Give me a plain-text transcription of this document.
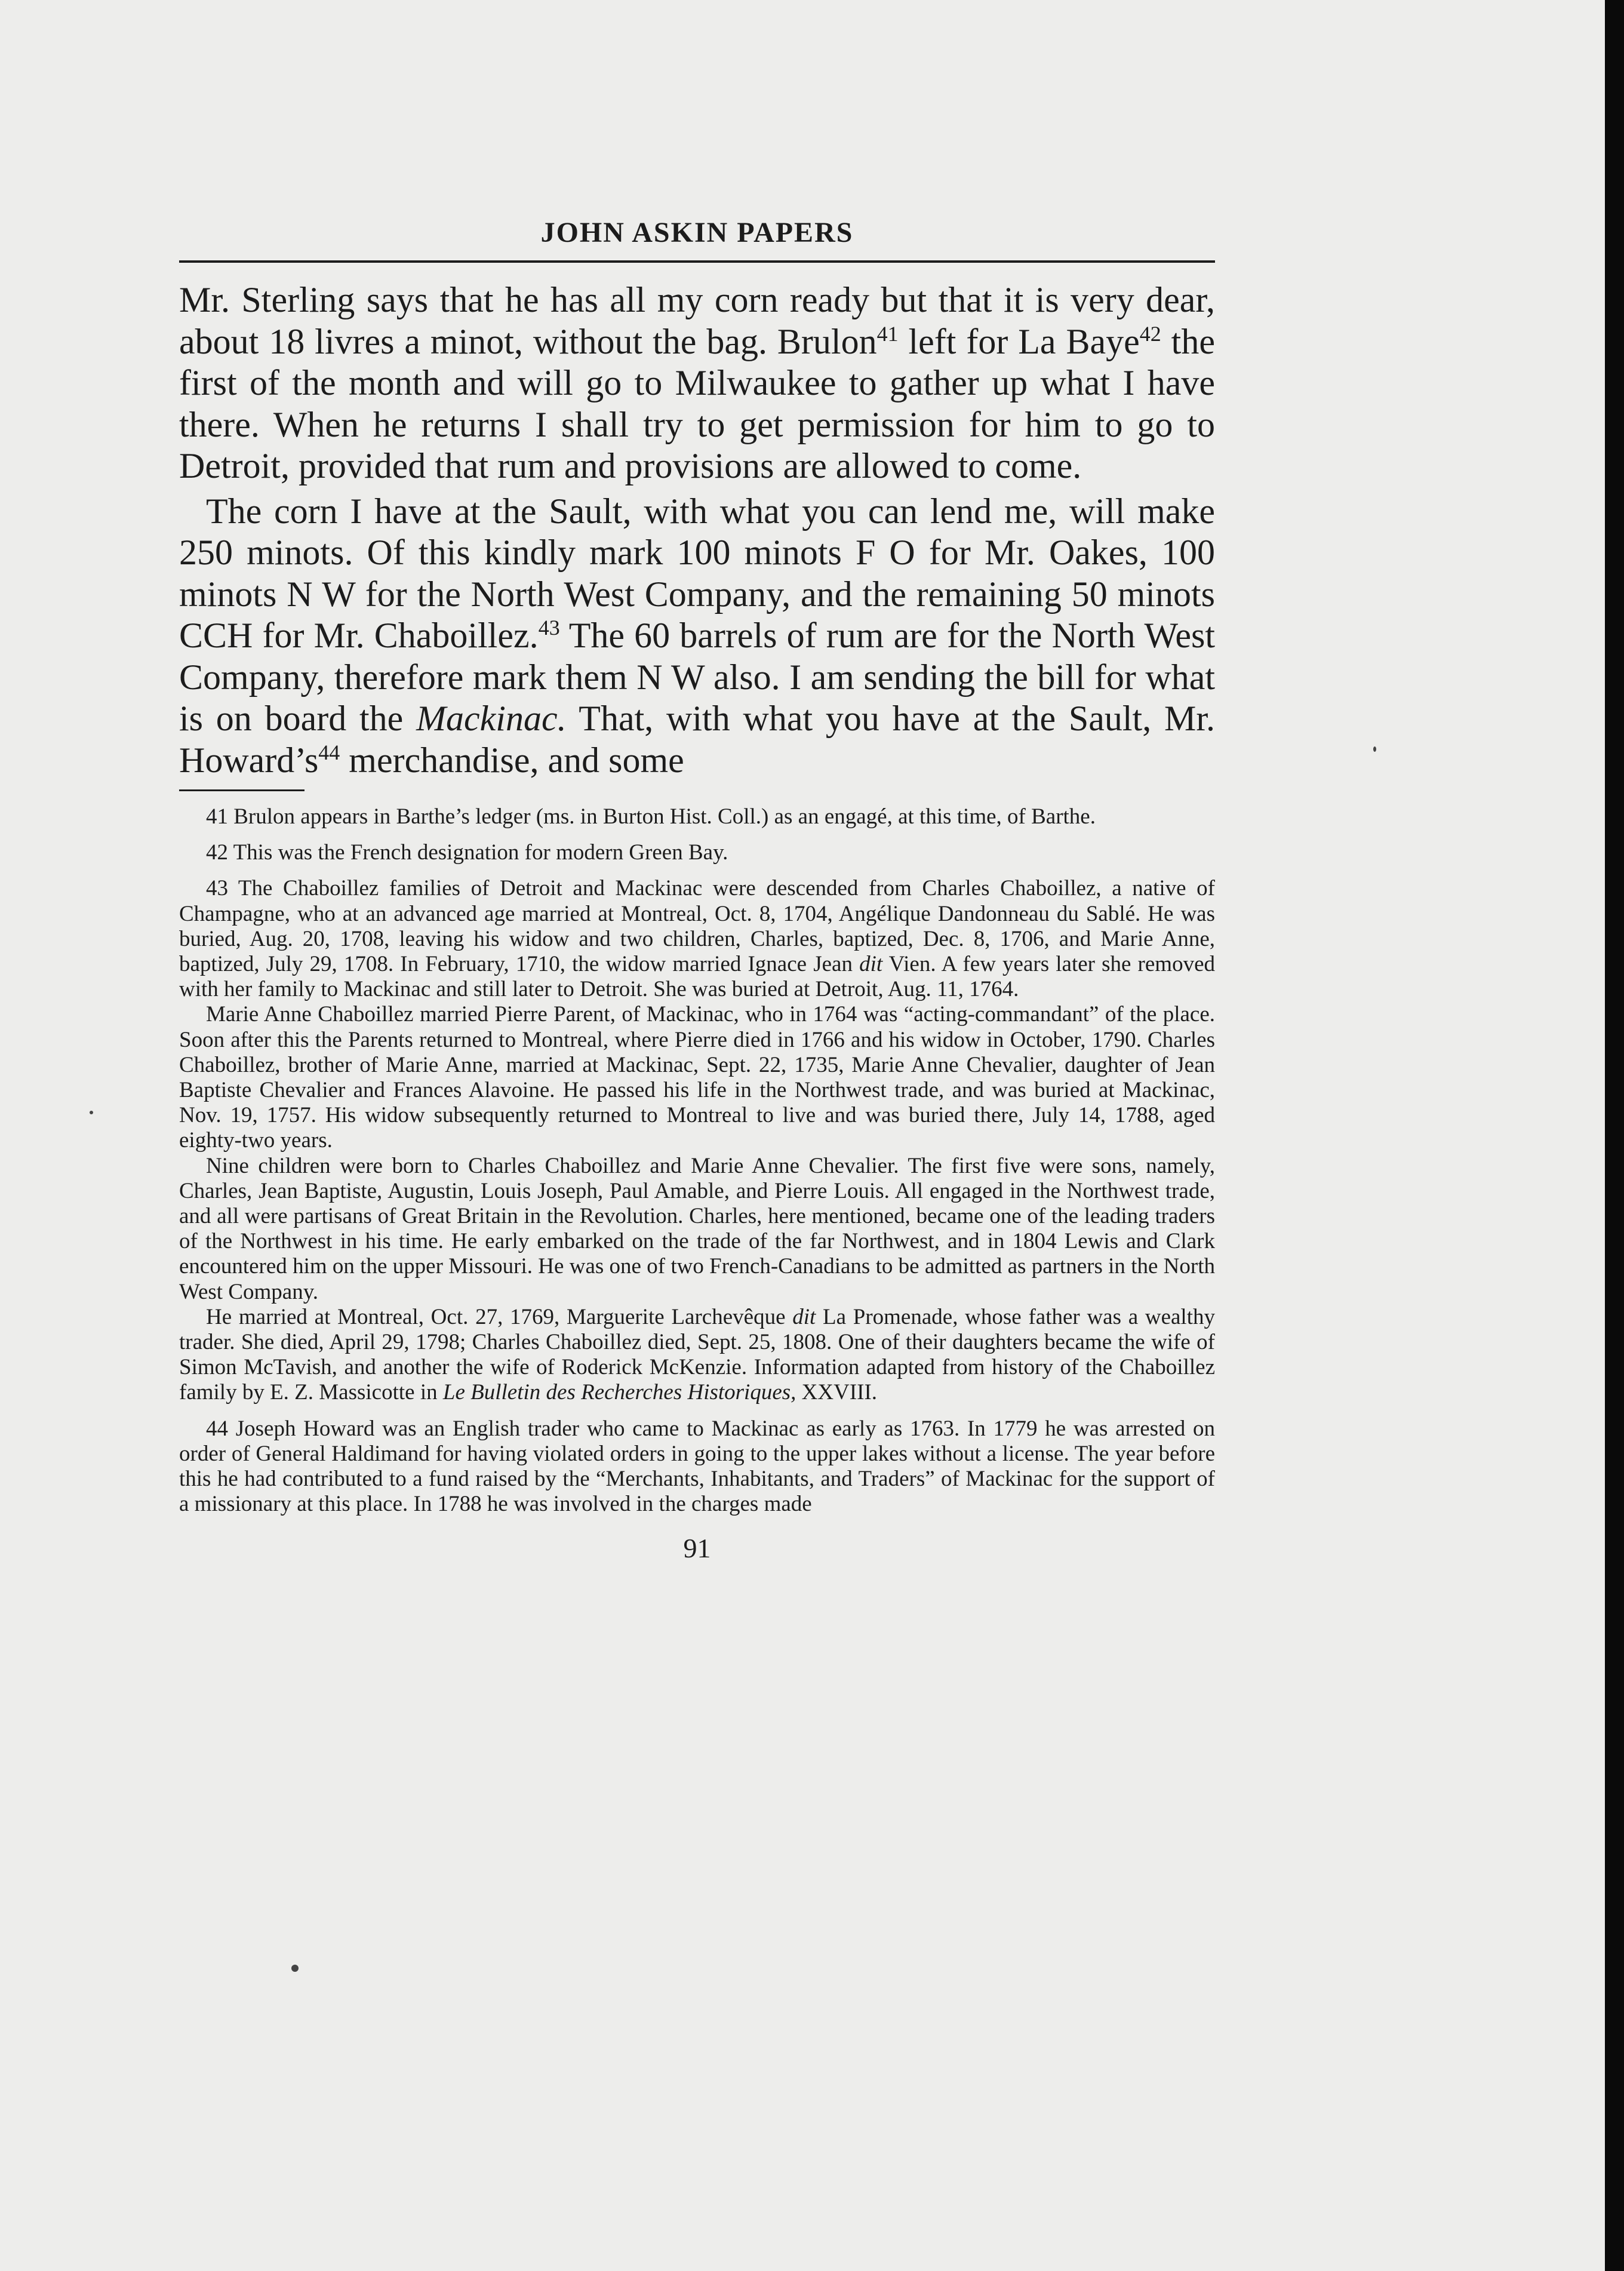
JOHN ASKIN PAPERS

Mr. Sterling says that he has all my corn ready but that it is very dear, about 18 livres a minot, without the bag. Brulon$^{41}$ left for La Baye$^{42}$ the first of the month and will go to Milwaukee to gather up what I have there. When he returns I shall try to get permission for him to go to Detroit, provided that rum and provisions are allowed to come.

The corn I have at the Sault, with what you can lend me, will make 250 minots. Of this kindly mark 100 minots F O for Mr. Oakes, 100 minots N W for the North West Company, and the remaining 50 minots CCH for Mr. Chaboillez.$^{43}$ The 60 barrels of rum are for the North West Company, therefore mark them N W also. I am sending the bill for what is on board the Mackinac. That, with what you have at the Sault, Mr. $Howard’s^{44}$ merchandise, and some

41 Brulon appears in Barthe’s ledger (ms. in Burton Hist. Coll.) as an engagé, at this time, of Barthe.

42 This was the French designation for modern Green Bay.

43 The Chaboillez families of Detroit and Mackinac were descended from Charles Chaboillez, a native of Champagne, who at an advanced age married at Montreal, Oct. 8, 1704, Angélique Dandonneau du Sablé. He was buried, Aug. 20, 1708, leaving his widow and two children, Charles, baptized, Dec. 8, 1706, and Marie Anne, baptized, July 29, 1708. In February, 1710, the widow married Ignace Jean dit Vien. A few years later she removed with her family to Mackinac and still later to Detroit. She was buried at Detroit, Aug. 11, 1764.

Marie Anne Chaboillez married Pierre Parent, of Mackinac, who in 1764 was “acting-commandant” of the place. Soon after this the Parents returned to Montreal, where Pierre died in 1766 and his widow in October, 1790. Charles Chaboillez, brother of Marie Anne, married at Mackinac, Sept. 22, 1735, Marie Anne Chevalier, daughter of Jean Baptiste Chevalier and Frances Alavoine. He passed his life in the Northwest trade, and was buried at Mackinac, Nov. 19, 1757. His widow subsequently returned to Montreal to live and was buried there, July 14, 1788, aged eighty-two years.

Nine children were born to Charles Chaboillez and Marie Anne Chevalier. The first five were sons, namely, Charles, Jean Baptiste, Augustin, Louis Joseph, Paul Amable, and Pierre Louis. All engaged in the Northwest trade, and all were partisans of Great Britain in the Revolution. Charles, here mentioned, became one of the leading traders of the Northwest in his time. He early embarked on the trade of the far Northwest, and in 1804 Lewis and Clark encountered him on the upper Missouri. He was one of two French-Canadians to be admitted as partners in the North West Company.

He married at Montreal, Oct. 27, 1769, Marguerite Larchevêque dit La Promenade, whose father was a wealthy trader. She died, April 29, 1798; Charles Chaboillez died, Sept. 25, 1808. One of their daughters became the wife of Simon McTavish, and another the wife of Roderick McKenzie. Information adapted from history of the Chaboillez family by E. Z. Massicotte in Le Bulletin des Recherches Historiques, XXVIII.

44 Joseph Howard was an English trader who came to Mackinac as early as 1763. In 1779 he was arrested on order of General Haldimand for having violated orders in going to the upper lakes without a license. The year before this he had contributed to a fund raised by the “Merchants, Inhabitants, and Traders” of Mackinac for the support of a missionary at this place. In 1788 he was involved in the charges made

91
